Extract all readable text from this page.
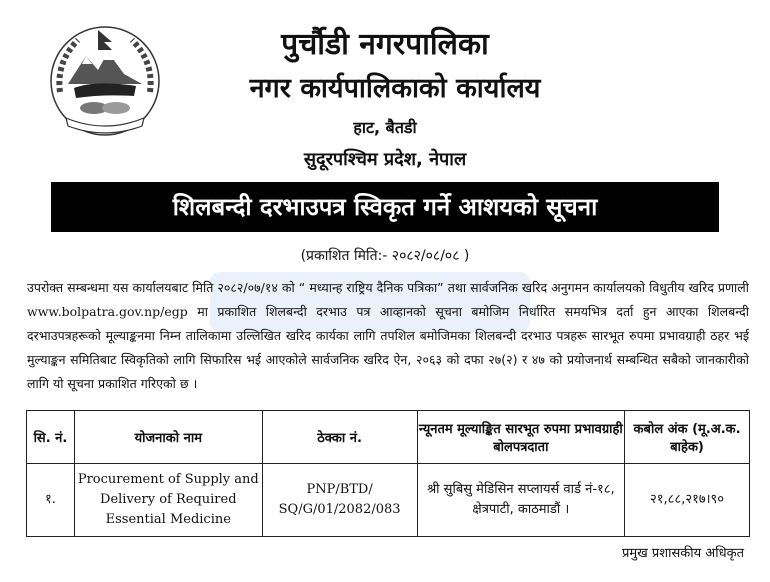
पुर्चौडी नगरपालिका
नगर कार्यपालिकाको कार्यालय
हाट, बैतडी
सुदूरपश्चिम प्रदेश, नेपाल
शिलबन्दी दरभाउपत्र स्विकृत गर्ने आशयको सूचना
(प्रकाशित मिति:- २०८२/०८/०८ )
उपरोक्त सम्बन्धमा यस कार्यालयबाट मिति २०८२/०७/१४ को “ मध्यान्ह राष्ट्रिय दैनिक पत्रिका” तथा सार्वजनिक खरिद अनुगमन कार्यालयको विधुतीय खरिद प्रणाली www.bolpatra.gov.np/egp मा प्रकाशित शिलबन्दी दरभाउ पत्र आव्हानको सूचना बमोजिम निर्धारित समयभित्र दर्ता हुन आएका शिलबन्दी दरभाउपत्रहरूको मूल्याङ्कनमा निम्न तालिकामा उल्लिखित खरिद कार्यका लागि तपशिल बमोजिमका शिलबन्दी दरभाउ पत्रहरू सारभूत रुपमा प्रभावग्राही ठहर भई मुल्याङ्कन समितिबाट स्विकृतिको लागि सिफारिस भई आएकोले सार्वजनिक खरिद ऐन, २०६३ को दफा २७(२) र ४७ को प्रयोजनार्थ सम्बन्धित सबैको जानकारीको लागि यो सूचना प्रकाशित गरिएको छ ।
सि. नं.	योजनाको नाम	ठेक्का नं.	न्यूनतम मूल्याङ्कित सारभूत रुपमा प्रभावग्राही बोलपत्रदाता	कबोल अंक (मू.अ.क. बाहेक)
१.	Procurement of Supply and Delivery of Required Essential Medicine	PNP/BTD/ SQ/G/01/2082/083	श्री सुबिसु मेडिसिन सप्लायर्स वार्ड नं-१८, क्षेत्रपाटी, काठमाडौं ।	२१,८८,२१७।९०
प्रमुख प्रशासकीय अधिकृत
